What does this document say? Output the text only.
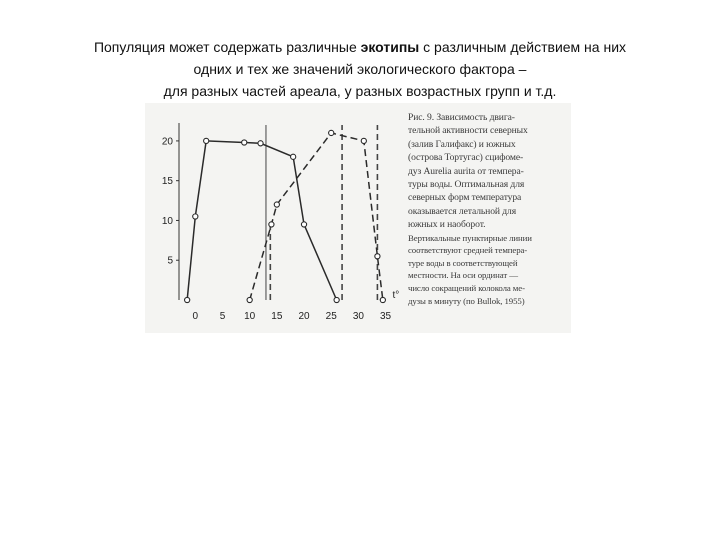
Популяция может содержать различные экотипы с различным действием на них
одних и тех же значений экологического фактора –
для разных частей ареала, у разных возрастных групп и т.д.
5
10
15
20
0 5 10 15 20 25 30 35
t°
Рис. 9. Зависимость двига-
тельной активности северных
(залив Галифакс) и южных
(острова Тортугас) сцифоме-
дуз Aurelia aurita от темпера-
туры воды. Оптимальная для
северных форм температура
оказывается летальной для
южных и наоборот.
Вертикальные пунктирные линии
соответствуют средней темпера-
туре воды в соответствующей
местности. На оси ординат —
число сокращений колокола ме-
дузы в минуту (по Bullok, 1955)
